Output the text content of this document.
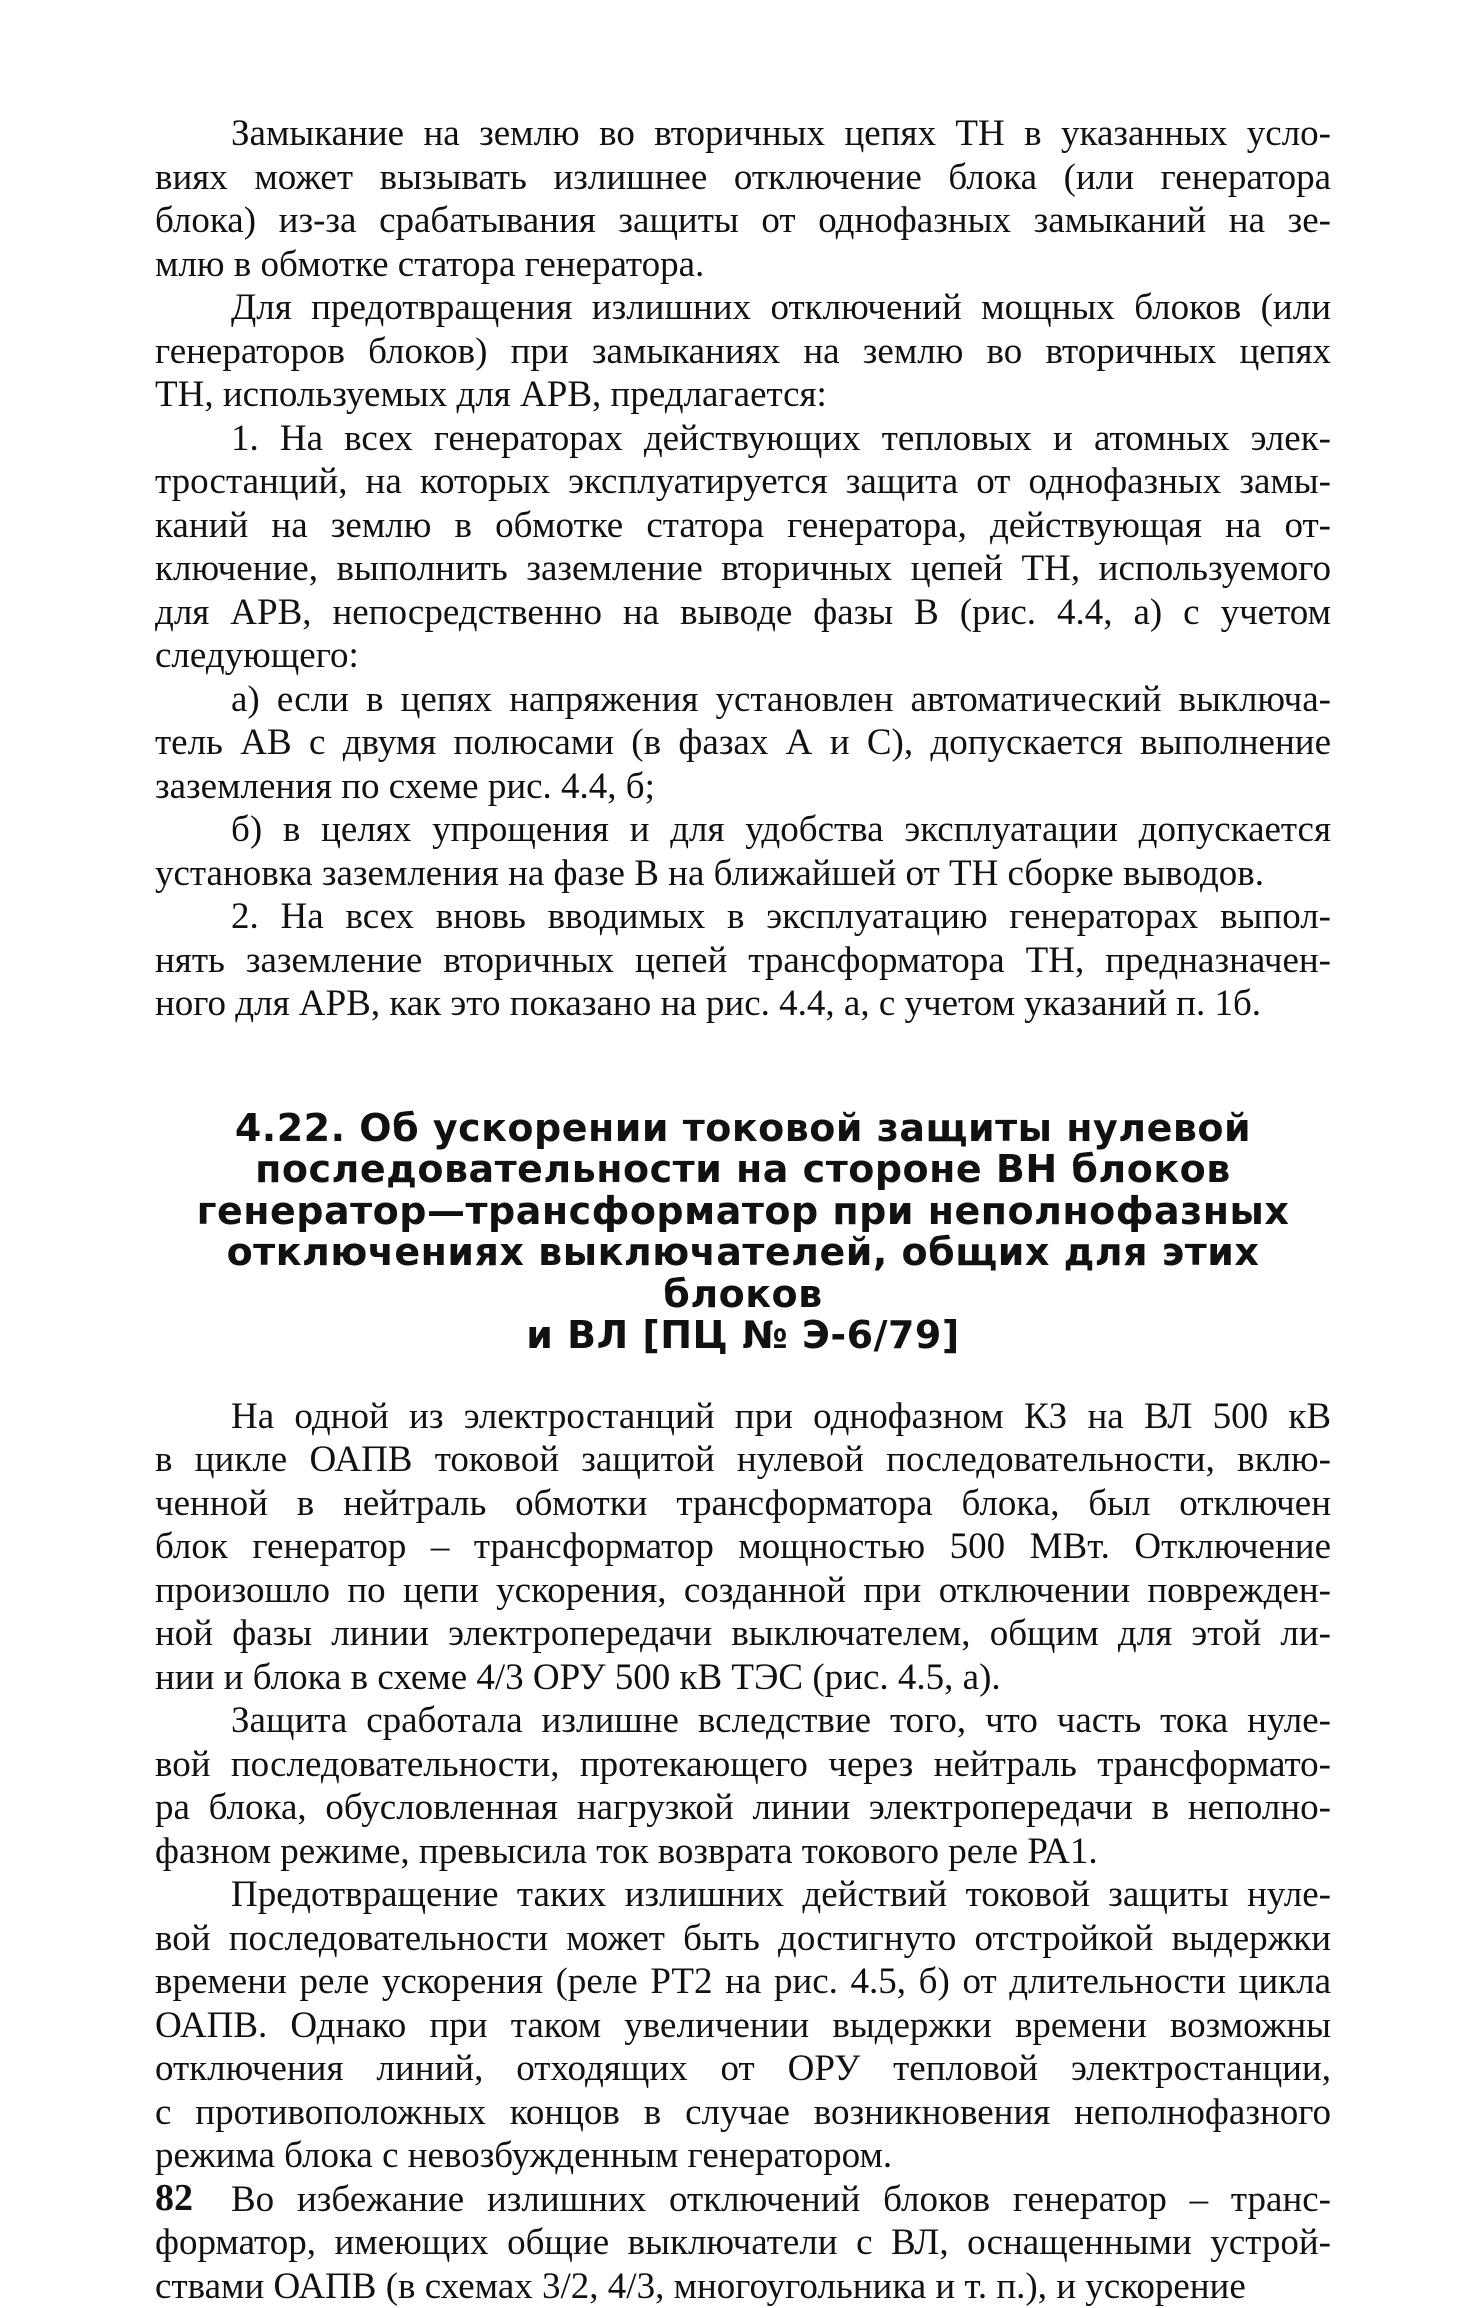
Замыкание на землю во вторичных цепях ТН в указанных усло-
виях может вызывать излишнее отключение блока (или генератора
блока) из-за срабатывания защиты от однофазных замыканий на зе-
млю в обмотке статора генератора.

Для предотвращения излишних отключений мощных блоков (или
генераторов блоков) при замыканиях на землю во вторичных цепях
ТН, используемых для АРВ, предлагается:

1. На всех генераторах действующих тепловых и атомных элек-
тростанций, на которых эксплуатируется защита от однофазных замы-
каний на землю в обмотке статора генератора, действующая на от-
ключение, выполнить заземление вторичных цепей ТН, используемого
для АРВ, непосредственно на выводе фазы В (рис. 4.4, а) с учетом
следующего:

а) если в цепях напряжения установлен автоматический выключа-
тель АВ с двумя полюсами (в фазах А и С), допускается выполнение
заземления по схеме рис. 4.4, б;

б) в целях упрощения и для удобства эксплуатации допускается
установка заземления на фазе В на ближайшей от ТН сборке выводов.

2. На всех вновь вводимых в эксплуатацию генераторах выпол-
нять заземление вторичных цепей трансформатора ТН, предназначен-
ного для АРВ, как это показано на рис. 4.4, а, с учетом указаний п. 1б.

4.22. Об ускорении токовой защиты нулевой
последовательности на стороне ВН блоков
генератор—трансформатор при неполнофазных
отключениях выключателей, общих для этих блоков
и ВЛ [ПЦ № Э-6/79]

На одной из электростанций при однофазном КЗ на ВЛ 500 кВ
в цикле ОАПВ токовой защитой нулевой последовательности, вклю-
ченной в нейтраль обмотки трансформатора блока, был отключен
блок генератор – трансформатор мощностью 500 МВт. Отключение
произошло по цепи ускорения, созданной при отключении поврежден-
ной фазы линии электропередачи выключателем, общим для этой ли-
нии и блока в схеме 4/3 ОРУ 500 кВ ТЭС (рис. 4.5, а).

Защита сработала излишне вследствие того, что часть тока нуле-
вой последовательности, протекающего через нейтраль трансформато-
ра блока, обусловленная нагрузкой линии электропередачи в неполно-
фазном режиме, превысила ток возврата токового реле РА1.

Предотвращение таких излишних действий токовой защиты нуле-
вой последовательности может быть достигнуто отстройкой выдержки
времени реле ускорения (реле РТ2 на рис. 4.5, б) от длительности цикла
ОАПВ. Однако при таком увеличении выдержки времени возможны
отключения линий, отходящих от ОРУ тепловой электростанции,
с противоположных концов в случае возникновения неполнофазного
режима блока с невозбужденным генератором.

Во избежание излишних отключений блоков генератор – транс-
форматор, имеющих общие выключатели с ВЛ, оснащенными устрой-
ствами ОАПВ (в схемах 3/2, 4/3, многоугольника и т. п.), и ускорение

82
